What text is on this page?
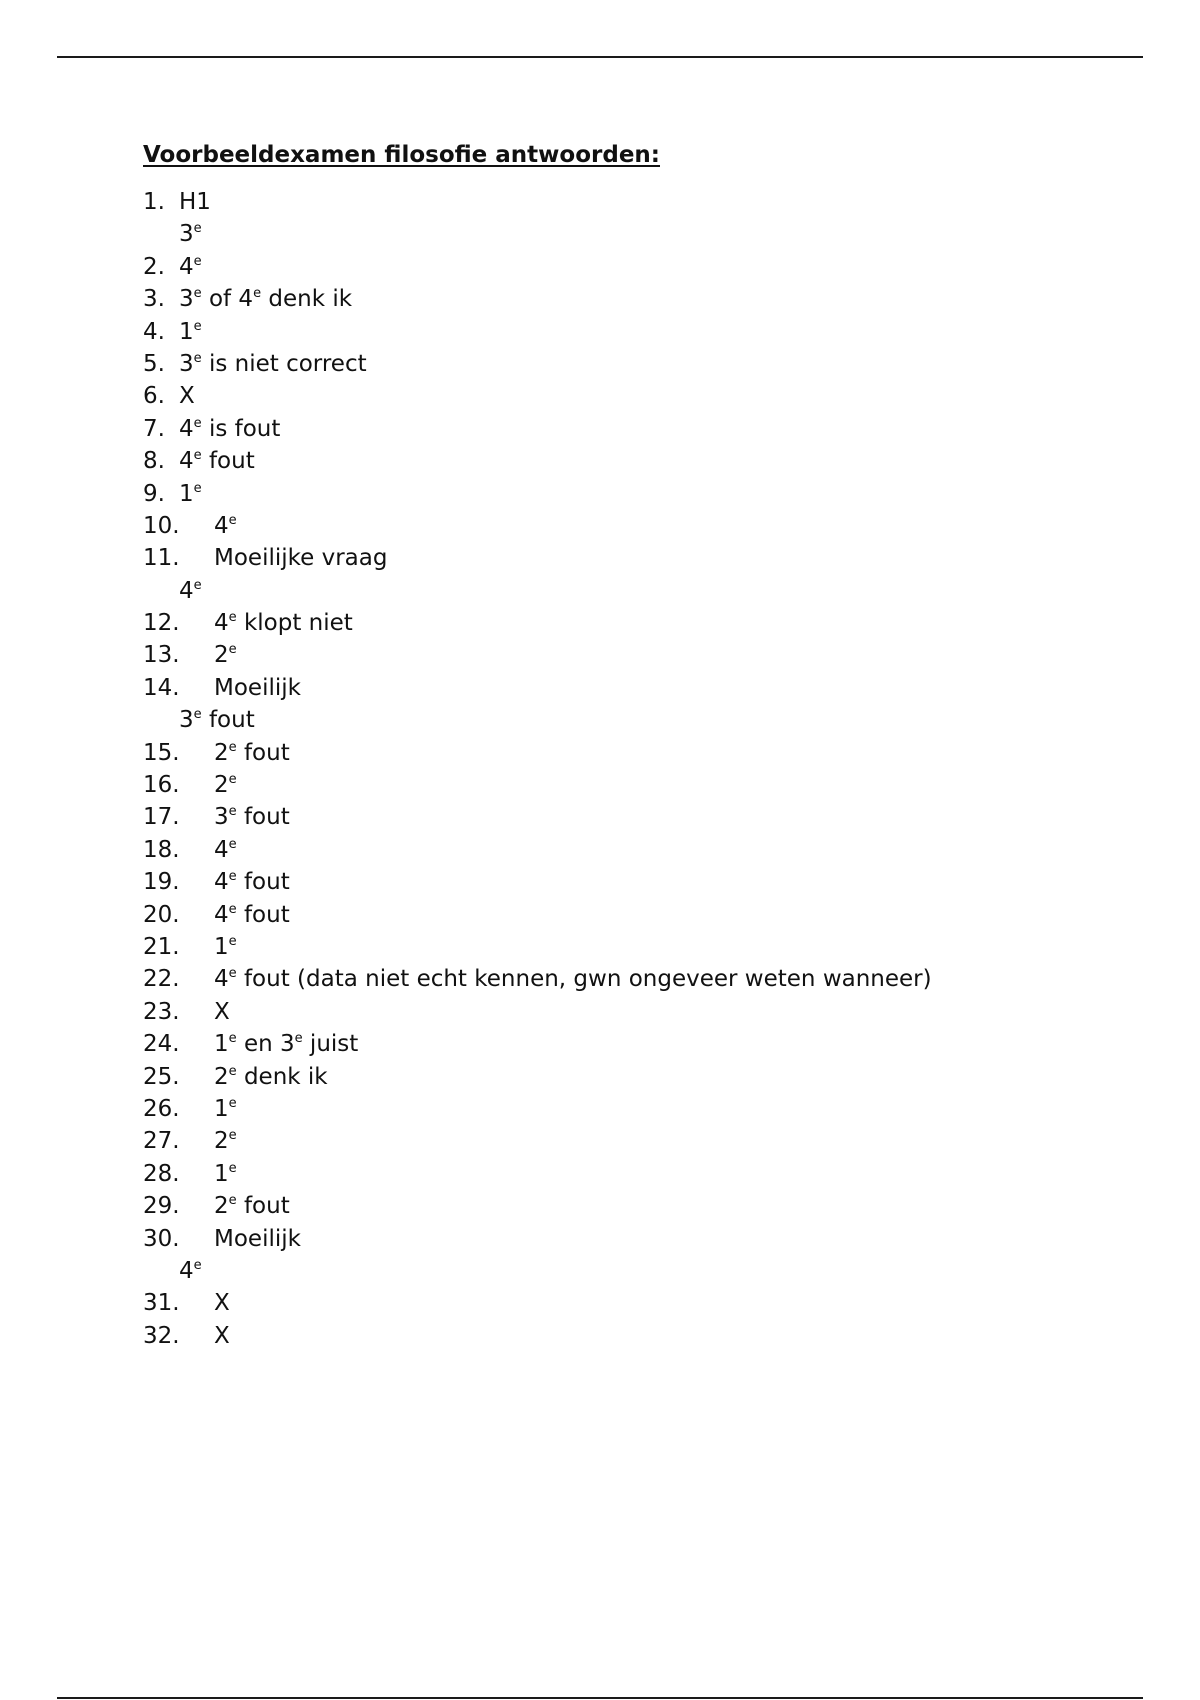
Voorbeeldexamen filosofie antwoorden:
1. H1
3e
2. 4e
3. 3e of 4e denk ik
4. 1e
5. 3e is niet correct
6. X
7. 4e is fout
8. 4e fout
9. 1e
10. 4e
11. Moeilijke vraag
4e
12. 4e klopt niet
13. 2e
14. Moeilijk
3e fout
15. 2e fout
16. 2e
17. 3e fout
18. 4e
19. 4e fout
20. 4e fout
21. 1e
22. 4e fout (data niet echt kennen, gwn ongeveer weten wanneer)
23. X
24. 1e en 3e juist
25. 2e denk ik
26. 1e
27. 2e
28. 1e
29. 2e fout
30. Moeilijk
4e
31. X
32. X
